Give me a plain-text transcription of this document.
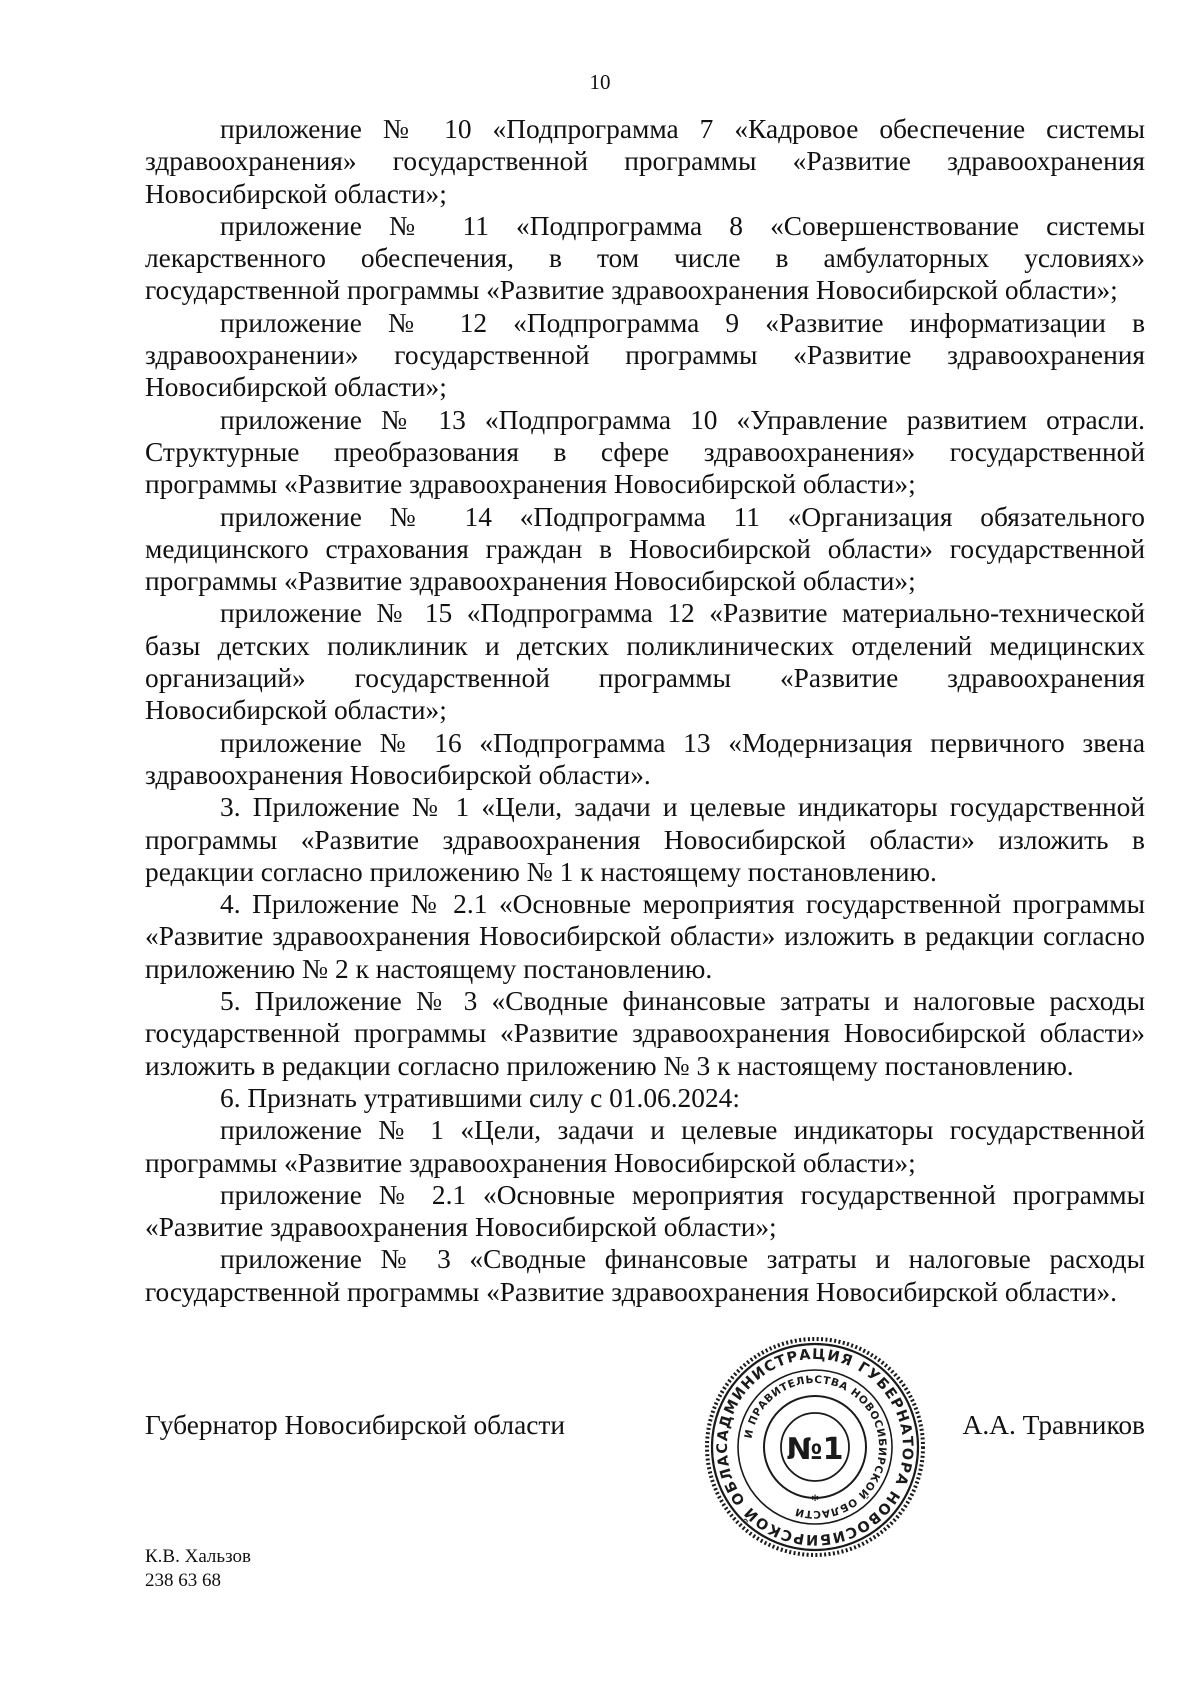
10

приложение № 10 «Подпрограмма 7 «Кадровое обеспечение системы здравоохранения» государственной программы «Развитие здравоохранения Новосибирской области»;

приложение № 11 «Подпрограмма 8 «Совершенствование системы лекарственного обеспечения, в том числе в амбулаторных условиях» государственной программы «Развитие здравоохранения Новосибирской области»;

приложение № 12 «Подпрограмма 9 «Развитие информатизации в здравоохранении» государственной программы «Развитие здравоохранения Новосибирской области»;

приложение № 13 «Подпрограмма 10 «Управление развитием отрасли. Структурные преобразования в сфере здравоохранения» государственной программы «Развитие здравоохранения Новосибирской области»;

приложение № 14 «Подпрограмма 11 «Организация обязательного медицинского страхования граждан в Новосибирской области» государственной программы «Развитие здравоохранения Новосибирской области»;

приложение № 15 «Подпрограмма 12 «Развитие материально-технической базы детских поликлиник и детских поликлинических отделений медицинских организаций» государственной программы «Развитие здравоохранения Новосибирской области»;

приложение № 16 «Подпрограмма 13 «Модернизация первичного звена здравоохранения Новосибирской области».

3. Приложение № 1 «Цели, задачи и целевые индикаторы государственной программы «Развитие здравоохранения Новосибирской области» изложить в редакции согласно приложению № 1 к настоящему постановлению.

4. Приложение № 2.1 «Основные мероприятия государственной программы «Развитие здравоохранения Новосибирской области» изложить в редакции согласно приложению № 2 к настоящему постановлению.

5. Приложение № 3 «Сводные финансовые затраты и налоговые расходы государственной программы «Развитие здравоохранения Новосибирской области» изложить в редакции согласно приложению № 3 к настоящему постановлению.

6. Признать утратившими силу с 01.06.2024:

приложение № 1 «Цели, задачи и целевые индикаторы государственной программы «Развитие здравоохранения Новосибирской области»;

приложение № 2.1 «Основные мероприятия государственной программы «Развитие здравоохранения Новосибирской области»;

приложение № 3 «Сводные финансовые затраты и налоговые расходы государственной программы «Развитие здравоохранения Новосибирской области».

Губернатор Новосибирской области	А.А. Травников
АДМИНИСТРАЦИЯ ГУБЕРНАТОРА НОВОСИБИРСКОЙ ОБЛАС
И ПРАВИТЕЛЬСТВА НОВОСИБИРСКОЙ ОБЛАСТИ
№1
*
К.В. Хальзов
238 63 68
